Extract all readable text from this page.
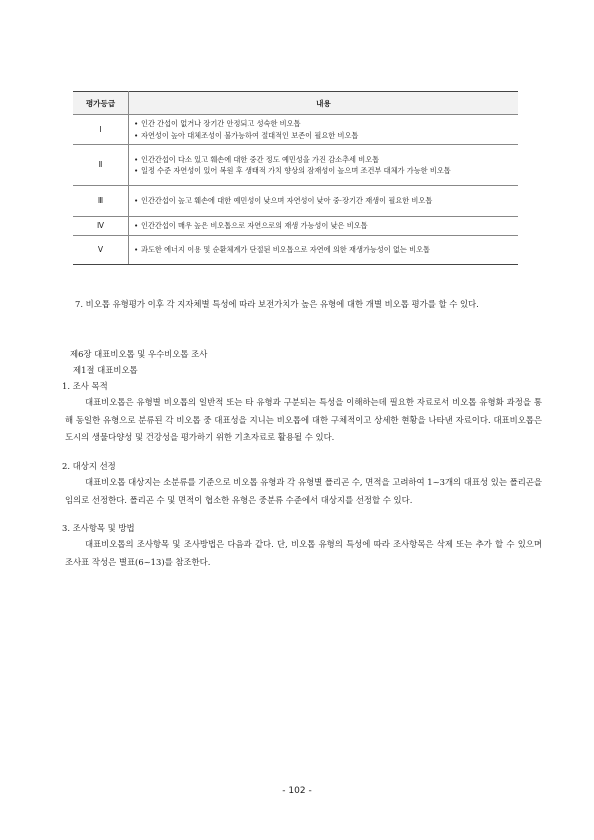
평가등급	내용
Ⅰ	• 인간 간섭이 없거나 장기간 안정되고 성숙한 비오톱
• 자연성이 높아 대체조성이 불가능하여 절대적인 보존이 필요한 비오톱

Ⅱ	• 인간간섭이 다소 있고 훼손에 대한 중간 정도 예민성을 가진 감소추세 비오톱
• 일정 수준 자연성이 있어 복원 후 생태적 가치 향상의 잠재성이 높으며 조건부 대체가 가능한 비오톱

Ⅲ	• 인간간섭이 높고 훼손에 대한 예민성이 낮으며 자연성이 낮아 중·장기간 재생이 필요한 비오톱

Ⅳ	• 인간간섭이 매우 높은 비오톱으로 자연으로의 재생 가능성이 낮은 비오톱

Ⅴ	• 과도한 에너지 이용 및 순환체계가 단절된 비오톱으로 자연에 의한 재생가능성이 없는 비오톱

7. 비오톱 유형평가 이후 각 지자체별 특성에 따라 보전가치가 높은 유형에 대한 개별 비오톱 평가를 할 수 있다.

제6장 대표비오톱 및 우수비오톱 조사

제1절 대표비오톱

1. 조사 목적

대표비오톱은 유형별 비오톱의 일반적 또는 타 유형과 구분되는 특성을 이해하는데 필요한 자료로서 비오톱 유형화 과정을 통해 동일한 유형으로 분류된 각 비오톱 중 대표성을 지니는 비오톱에 대한 구체적이고 상세한 현황을 나타낸 자료이다. 대표비오톱은 도시의 생물다양성 및 건강성을 평가하기 위한 기초자료로 활용될 수 있다.

2. 대상지 선정

대표비오톱 대상지는 소분류를 기준으로 비오톱 유형과 각 유형별 폴리곤 수, 면적을 고려하여 1~3개의 대표성 있는 폴리곤을 임의로 선정한다. 폴리곤 수 및 면적이 협소한 유형은 중분류 수준에서 대상지를 선정할 수 있다.

3. 조사항목 및 방법

대표비오톱의 조사항목 및 조사방법은 다음과 같다. 단, 비오톱 유형의 특성에 따라 조사항목은 삭제 또는 추가 할 수 있으며 조사표 작성은 별표(6~13)를 참조한다.

- 102 -
